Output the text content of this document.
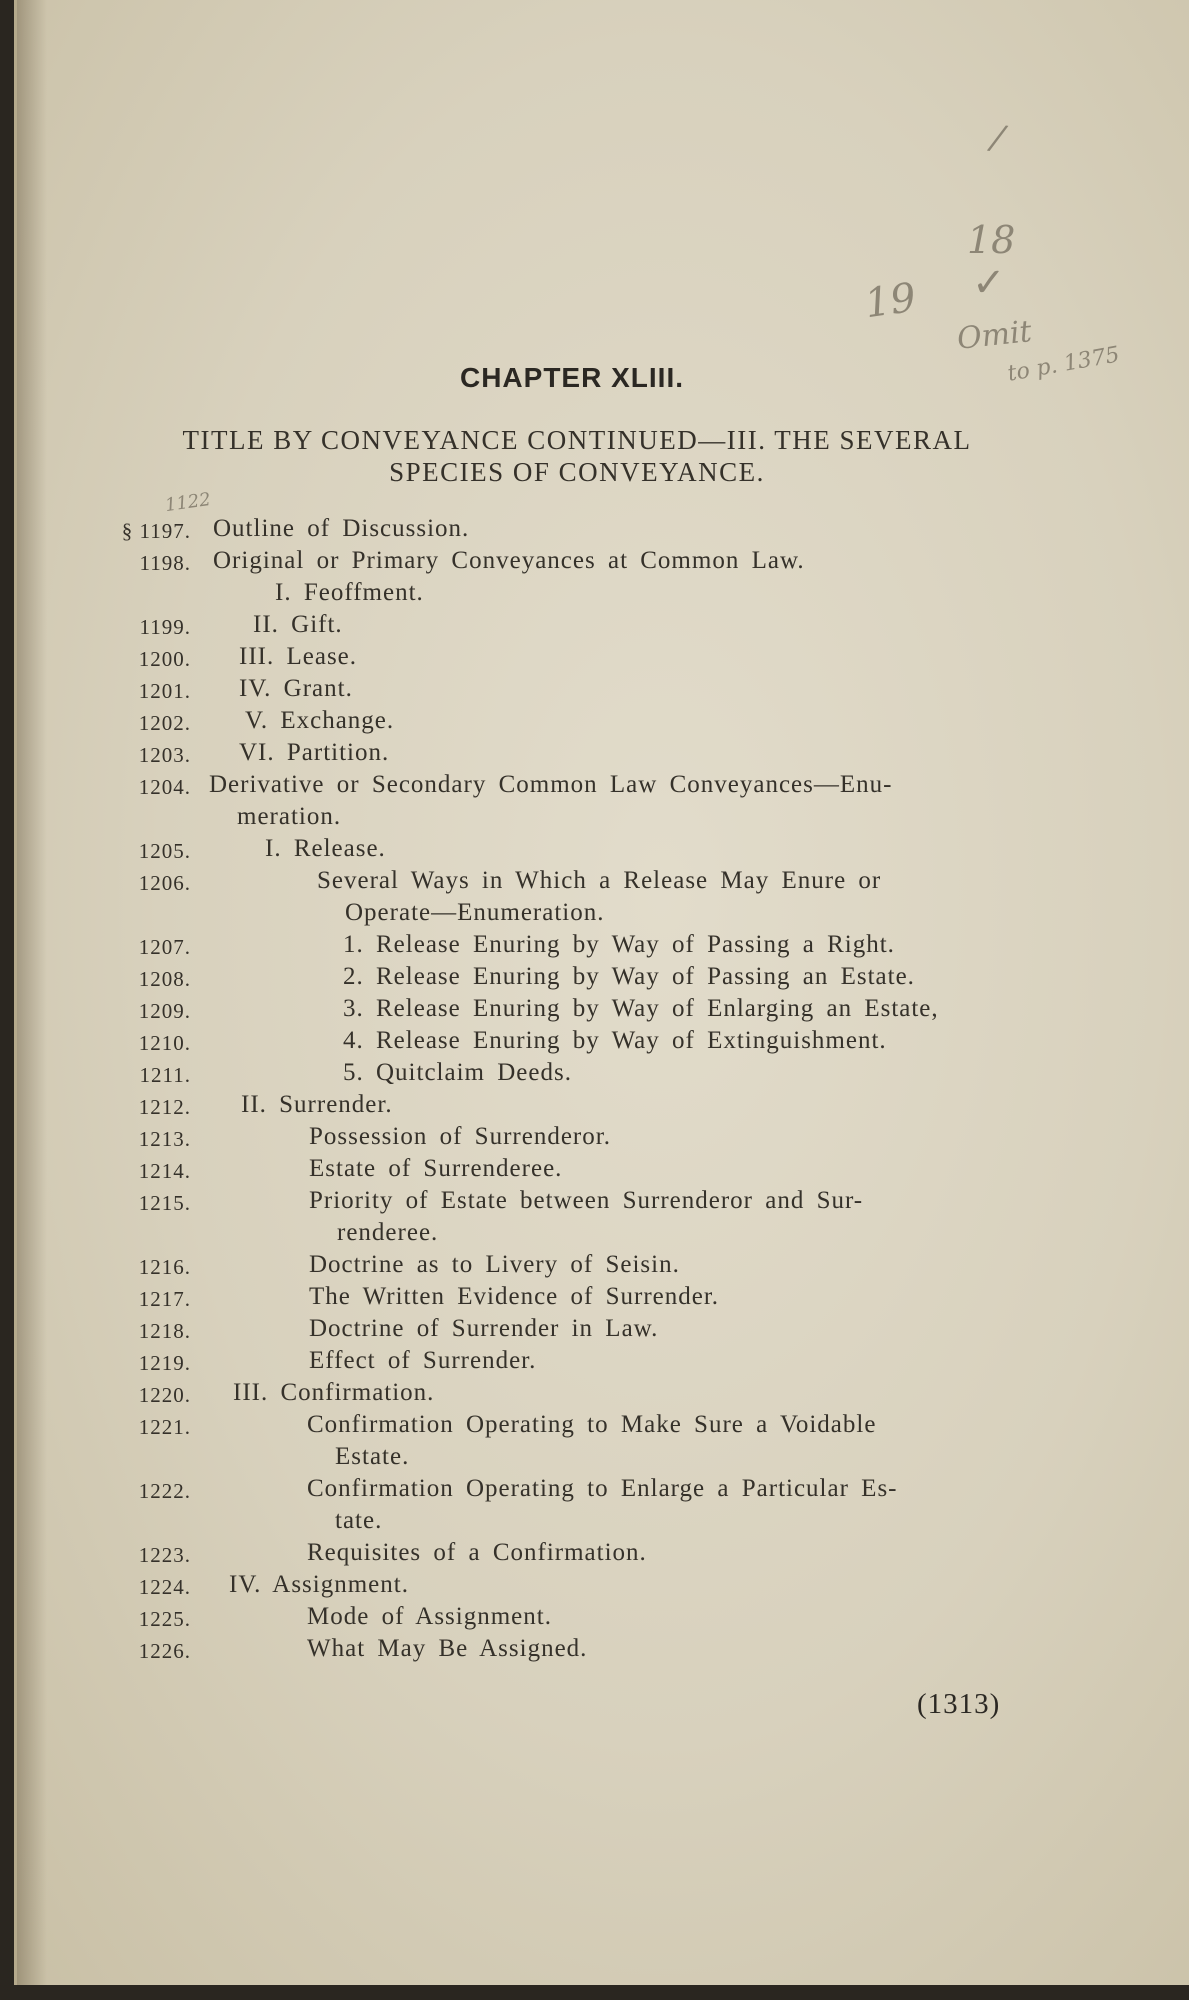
/
18
19 ✓
Omit
to p. 1375
1122
CHAPTER XLIII.
TITLE BY CONVEYANCE CONTINUED—III. THE SEVERAL
SPECIES OF CONVEYANCE.
§ 1197. Outline of Discussion.
1198. Original or Primary Conveyances at Common Law.
I. Feoffment.
1199. II. Gift.
1200. III. Lease.
1201. IV. Grant.
1202. V. Exchange.
1203. VI. Partition.
1204. Derivative or Secondary Common Law Conveyances—Enu-
meration.
1205.	I. Release.
1206.	Several Ways in Which a Release May Enure or
Operate—Enumeration.
1207.	1. Release Enuring by Way of Passing a Right.
1208.	2. Release Enuring by Way of Passing an Estate.
1209.	3. Release Enuring by Way of Enlarging an Estate,
1210.	4. Release Enuring by Way of Extinguishment.
1211.	5. Quitclaim Deeds.
1212. II. Surrender.
1213.	Possession of Surrenderor.
1214.	Estate of Surrenderee.
1215.	Priority of Estate between Surrenderor and Sur-
renderee.
1216.	Doctrine as to Livery of Seisin.
1217.	The Written Evidence of Surrender.
1218.	Doctrine of Surrender in Law.
1219.	Effect of Surrender.
1220. III. Confirmation.
1221.	Confirmation Operating to Make Sure a Voidable
Estate.
1222.	Confirmation Operating to Enlarge a Particular Es-
tate.
1223.	Requisites of a Confirmation.
1224. IV. Assignment.
1225.	Mode of Assignment.
1226.	What May Be Assigned.
(1313)
